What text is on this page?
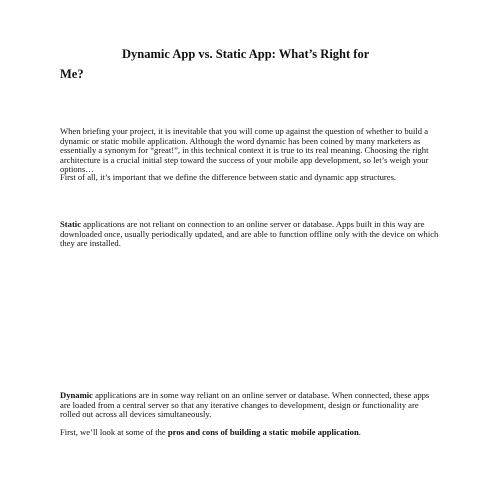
Dynamic App vs. Static App: What’s Right for
Me?

When briefing your project, it is inevitable that you will come up against the question of whether to build a dynamic or static mobile application. Although the word dynamic has been coined by many marketers as essentially a synonym for “great!”, in this technical context it is true to its real meaning. Choosing the right architecture is a crucial initial step toward the success of your mobile app development, so let’s weigh your options…

First of all, it’s important that we define the difference between static and dynamic app structures.

Static applications are not reliant on connection to an online server or database. Apps built in this way are downloaded once, usually periodically updated, and are able to function offline only with the device on which they are installed.

Dynamic applications are in some way reliant on an online server or database. When connected, these apps are loaded from a central server so that any iterative changes to development, design or functionality are rolled out across all devices simultaneously.

First, we’ll look at some of the pros and cons of building a static mobile application.
